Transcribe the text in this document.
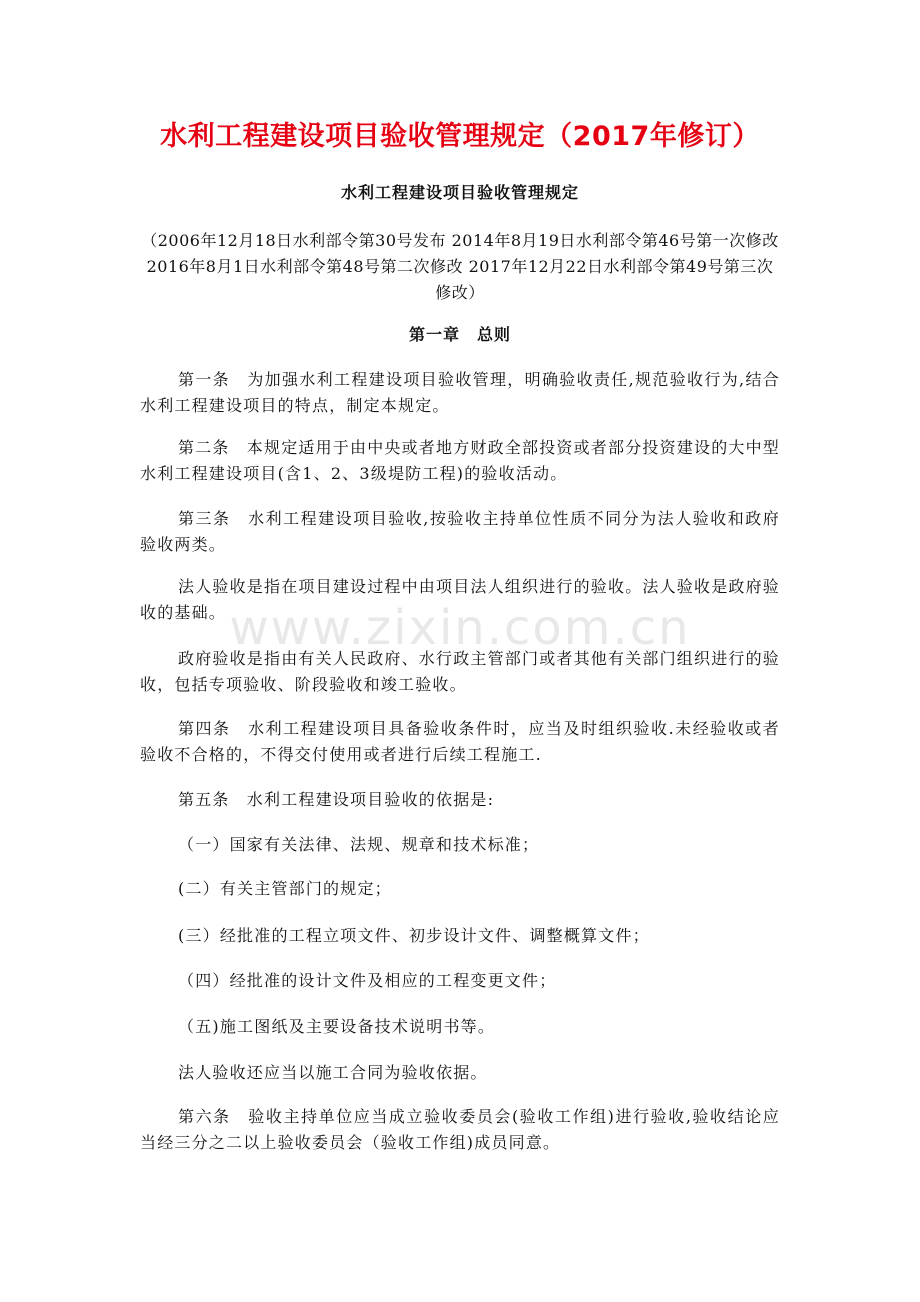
www.zixin.com.cn
水利工程建设项目验收管理规定（2017年修订）
水利工程建设项目验收管理规定
（2006年12月18日水利部令第30号发布 2014年8月19日水利部令第46号第一次修改 2016年8月1日水利部令第48号第二次修改 2017年12月22日水利部令第49号第三次修改）
第一章　总则

第一条　为加强水利工程建设项目验收管理，明确验收责任,规范验收行为,结合水利工程建设项目的特点，制定本规定。

第二条　本规定适用于由中央或者地方财政全部投资或者部分投资建设的大中型水利工程建设项目(含1、2、3级堤防工程)的验收活动。

第三条　水利工程建设项目验收,按验收主持单位性质不同分为法人验收和政府验收两类。

法人验收是指在项目建设过程中由项目法人组织进行的验收。法人验收是政府验收的基础。

政府验收是指由有关人民政府、水行政主管部门或者其他有关部门组织进行的验收，包括专项验收、阶段验收和竣工验收。

第四条　水利工程建设项目具备验收条件时，应当及时组织验收.未经验收或者验收不合格的，不得交付使用或者进行后续工程施工.

第五条　水利工程建设项目验收的依据是:

（一）国家有关法律、法规、规章和技术标准；

(二）有关主管部门的规定；

(三）经批准的工程立项文件、初步设计文件、调整概算文件；

（四）经批准的设计文件及相应的工程变更文件；

（五)施工图纸及主要设备技术说明书等。

法人验收还应当以施工合同为验收依据。

第六条　验收主持单位应当成立验收委员会(验收工作组)进行验收,验收结论应当经三分之二以上验收委员会（验收工作组)成员同意。
